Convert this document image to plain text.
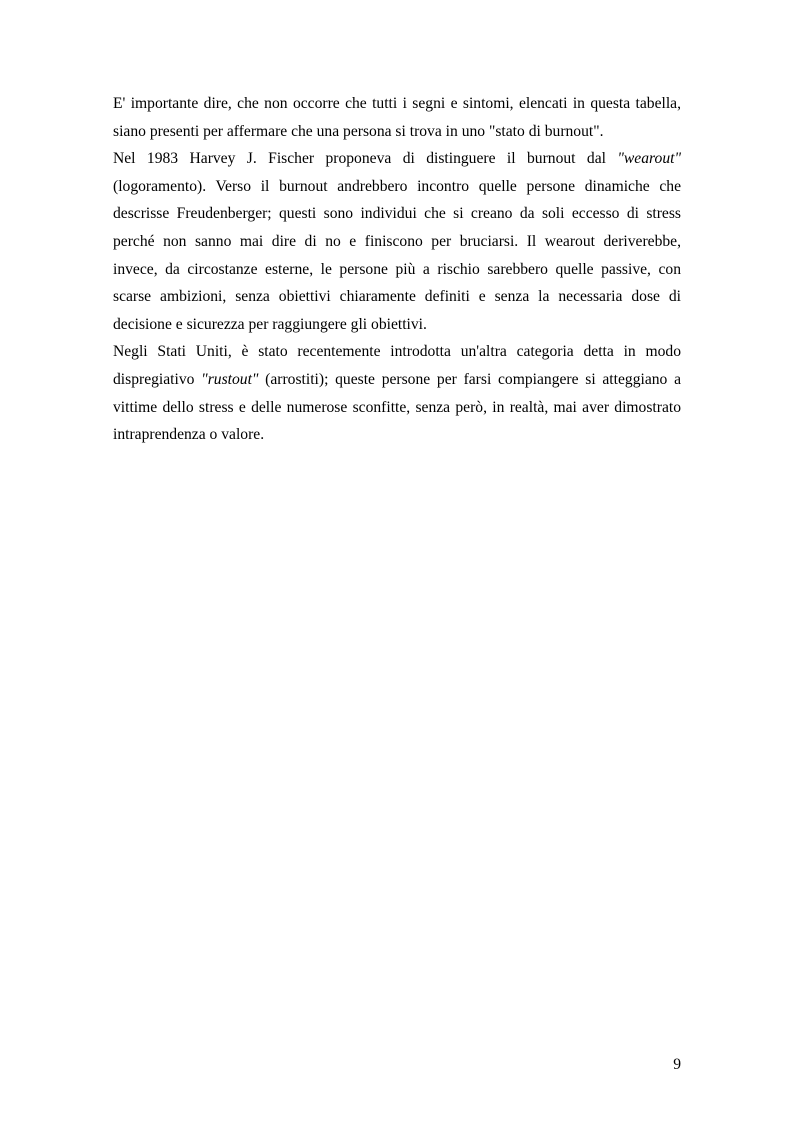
E' importante dire, che non occorre che tutti i segni e sintomi, elencati in questa tabella,
siano presenti per affermare che una persona si trova in uno "stato di burnout".

Nel 1983 Harvey J. Fischer proponeva di distinguere il burnout dal "wearout"
(logoramento). Verso il burnout andrebbero incontro quelle persone dinamiche che
descrisse Freudenberger; questi sono individui che si creano da soli eccesso di stress
perché non sanno mai dire di no e finiscono per bruciarsi. Il wearout deriverebbe,
invece, da circostanze esterne, le persone più a rischio sarebbero quelle passive, con
scarse ambizioni, senza obiettivi chiaramente definiti e senza la necessaria dose di
decisione e sicurezza per raggiungere gli obiettivi.

Negli Stati Uniti, è stato recentemente introdotta un'altra categoria detta in modo
dispregiativo "rustout" (arrostiti); queste persone per farsi compiangere si atteggiano a
vittime dello stress e delle numerose sconfitte, senza però, in realtà, mai aver dimostrato
intraprendenza o valore.

9
